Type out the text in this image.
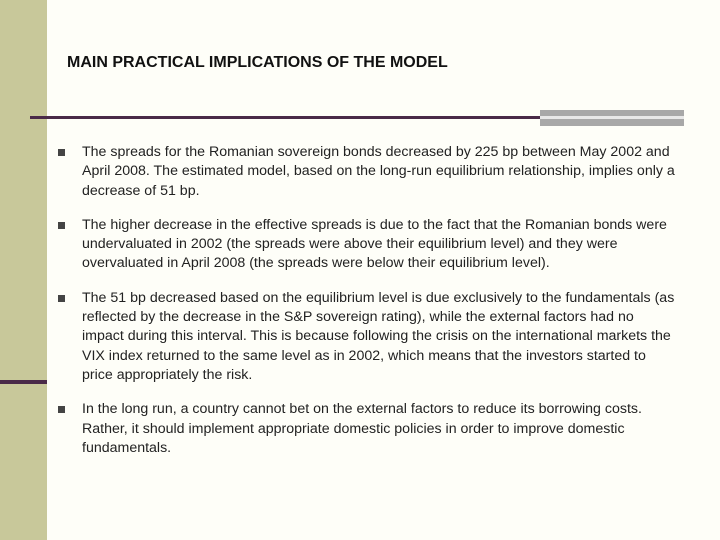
MAIN PRACTICAL IMPLICATIONS OF THE MODEL
The spreads for the Romanian sovereign bonds decreased by 225 bp between May 2002 and April 2008. The estimated model, based on the long-run equilibrium relationship, implies only a decrease of 51 bp.
The higher decrease in the effective spreads is due to the fact that the Romanian bonds were undervaluated in 2002 (the spreads were above their equilibrium level) and they were overvaluated in April 2008 (the spreads were below their equilibrium level).
The 51 bp decreased based on the equilibrium level is due exclusively to the fundamentals (as reflected by the decrease in the S&P sovereign rating), while the external factors had no impact during this interval. This is because following the crisis on the international markets the VIX index returned to the same level as in 2002, which means that the investors started to price appropriately the risk.
In the long run, a country cannot bet on the external factors to reduce its borrowing costs. Rather, it should implement appropriate domestic policies in order to improve domestic fundamentals.
